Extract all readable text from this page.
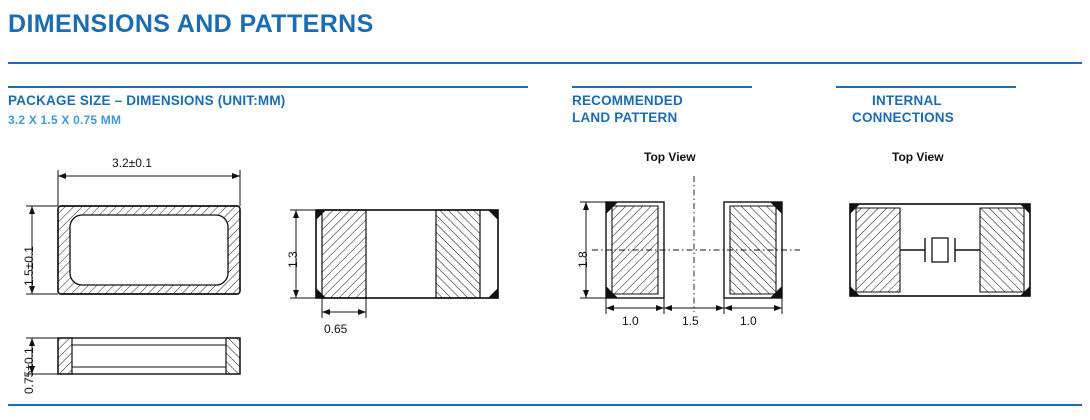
DIMENSIONS AND PATTERNS
PACKAGE SIZE – DIMENSIONS (UNIT:MM)
3.2 X 1.5 X 0.75 MM
RECOMMENDED
LAND PATTERN
Top View
INTERNAL
CONNECTIONS
Top View
3.2±0.1
1.5±0.1
0.75±0.1
1.3
0.65
1.8
1.0	1.5	1.0
